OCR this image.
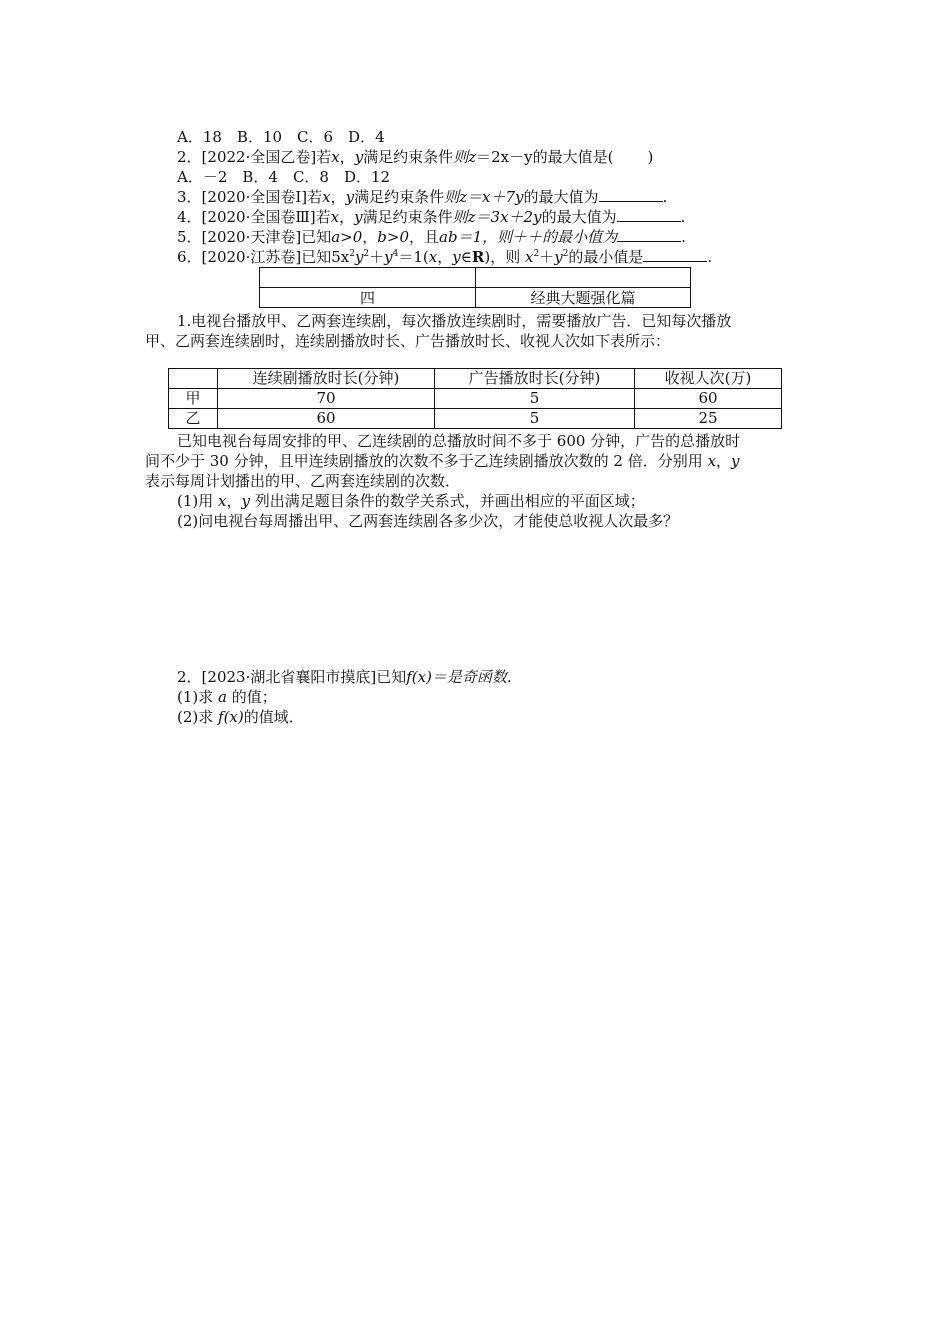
A．18　B．10　C．6　D．4
2．[2022·全国乙卷]若x，y满足约束条件则z＝2x－y的最大值是( )
A．－2　B．4　C．8　D．12
3．[2020·全国卷Ⅰ]若x，y满足约束条件则z＝x＋7y的最大值为	.
4．[2020·全国卷Ⅲ]若x，y满足约束条件则z＝3x＋2y的最大值为	.
5．[2020·天津卷]已知a>0，b>0，且ab＝1，则＋＋的最小值为	.
6．[2020·江苏卷]已知$5x^2y^2+y^4=1(x$，y∈R)，则 $x^2+y^2$的最小值是	.

四	经典大题强化篇
1.电视台播放甲、乙两套连续剧，每次播放连续剧时，需要播放广告．已知每次播放
甲、乙两套连续剧时，连续剧播放时长、广告播放时长、收视人次如下表所示：
	连续剧播放时长(分钟)	广告播放时长(分钟)	收视人次(万)
甲	70	5	60
乙	60	5	25
已知电视台每周安排的甲、乙连续剧的总播放时间不多于 600 分钟，广告的总播放时
间不少于 30 分钟，且甲连续剧播放的次数不多于乙连续剧播放次数的 2 倍．分别用 x，y
表示每周计划播出的甲、乙两套连续剧的次数．
(1)用 x，y 列出满足题目条件的数学关系式，并画出相应的平面区域；
(2)问电视台每周播出甲、乙两套连续剧各多少次，才能使总收视人次最多？
2．[2023·湖北省襄阳市摸底]已知f(x)＝是奇函数.
(1)求 a 的值；
(2)求 f(x)的值域．
